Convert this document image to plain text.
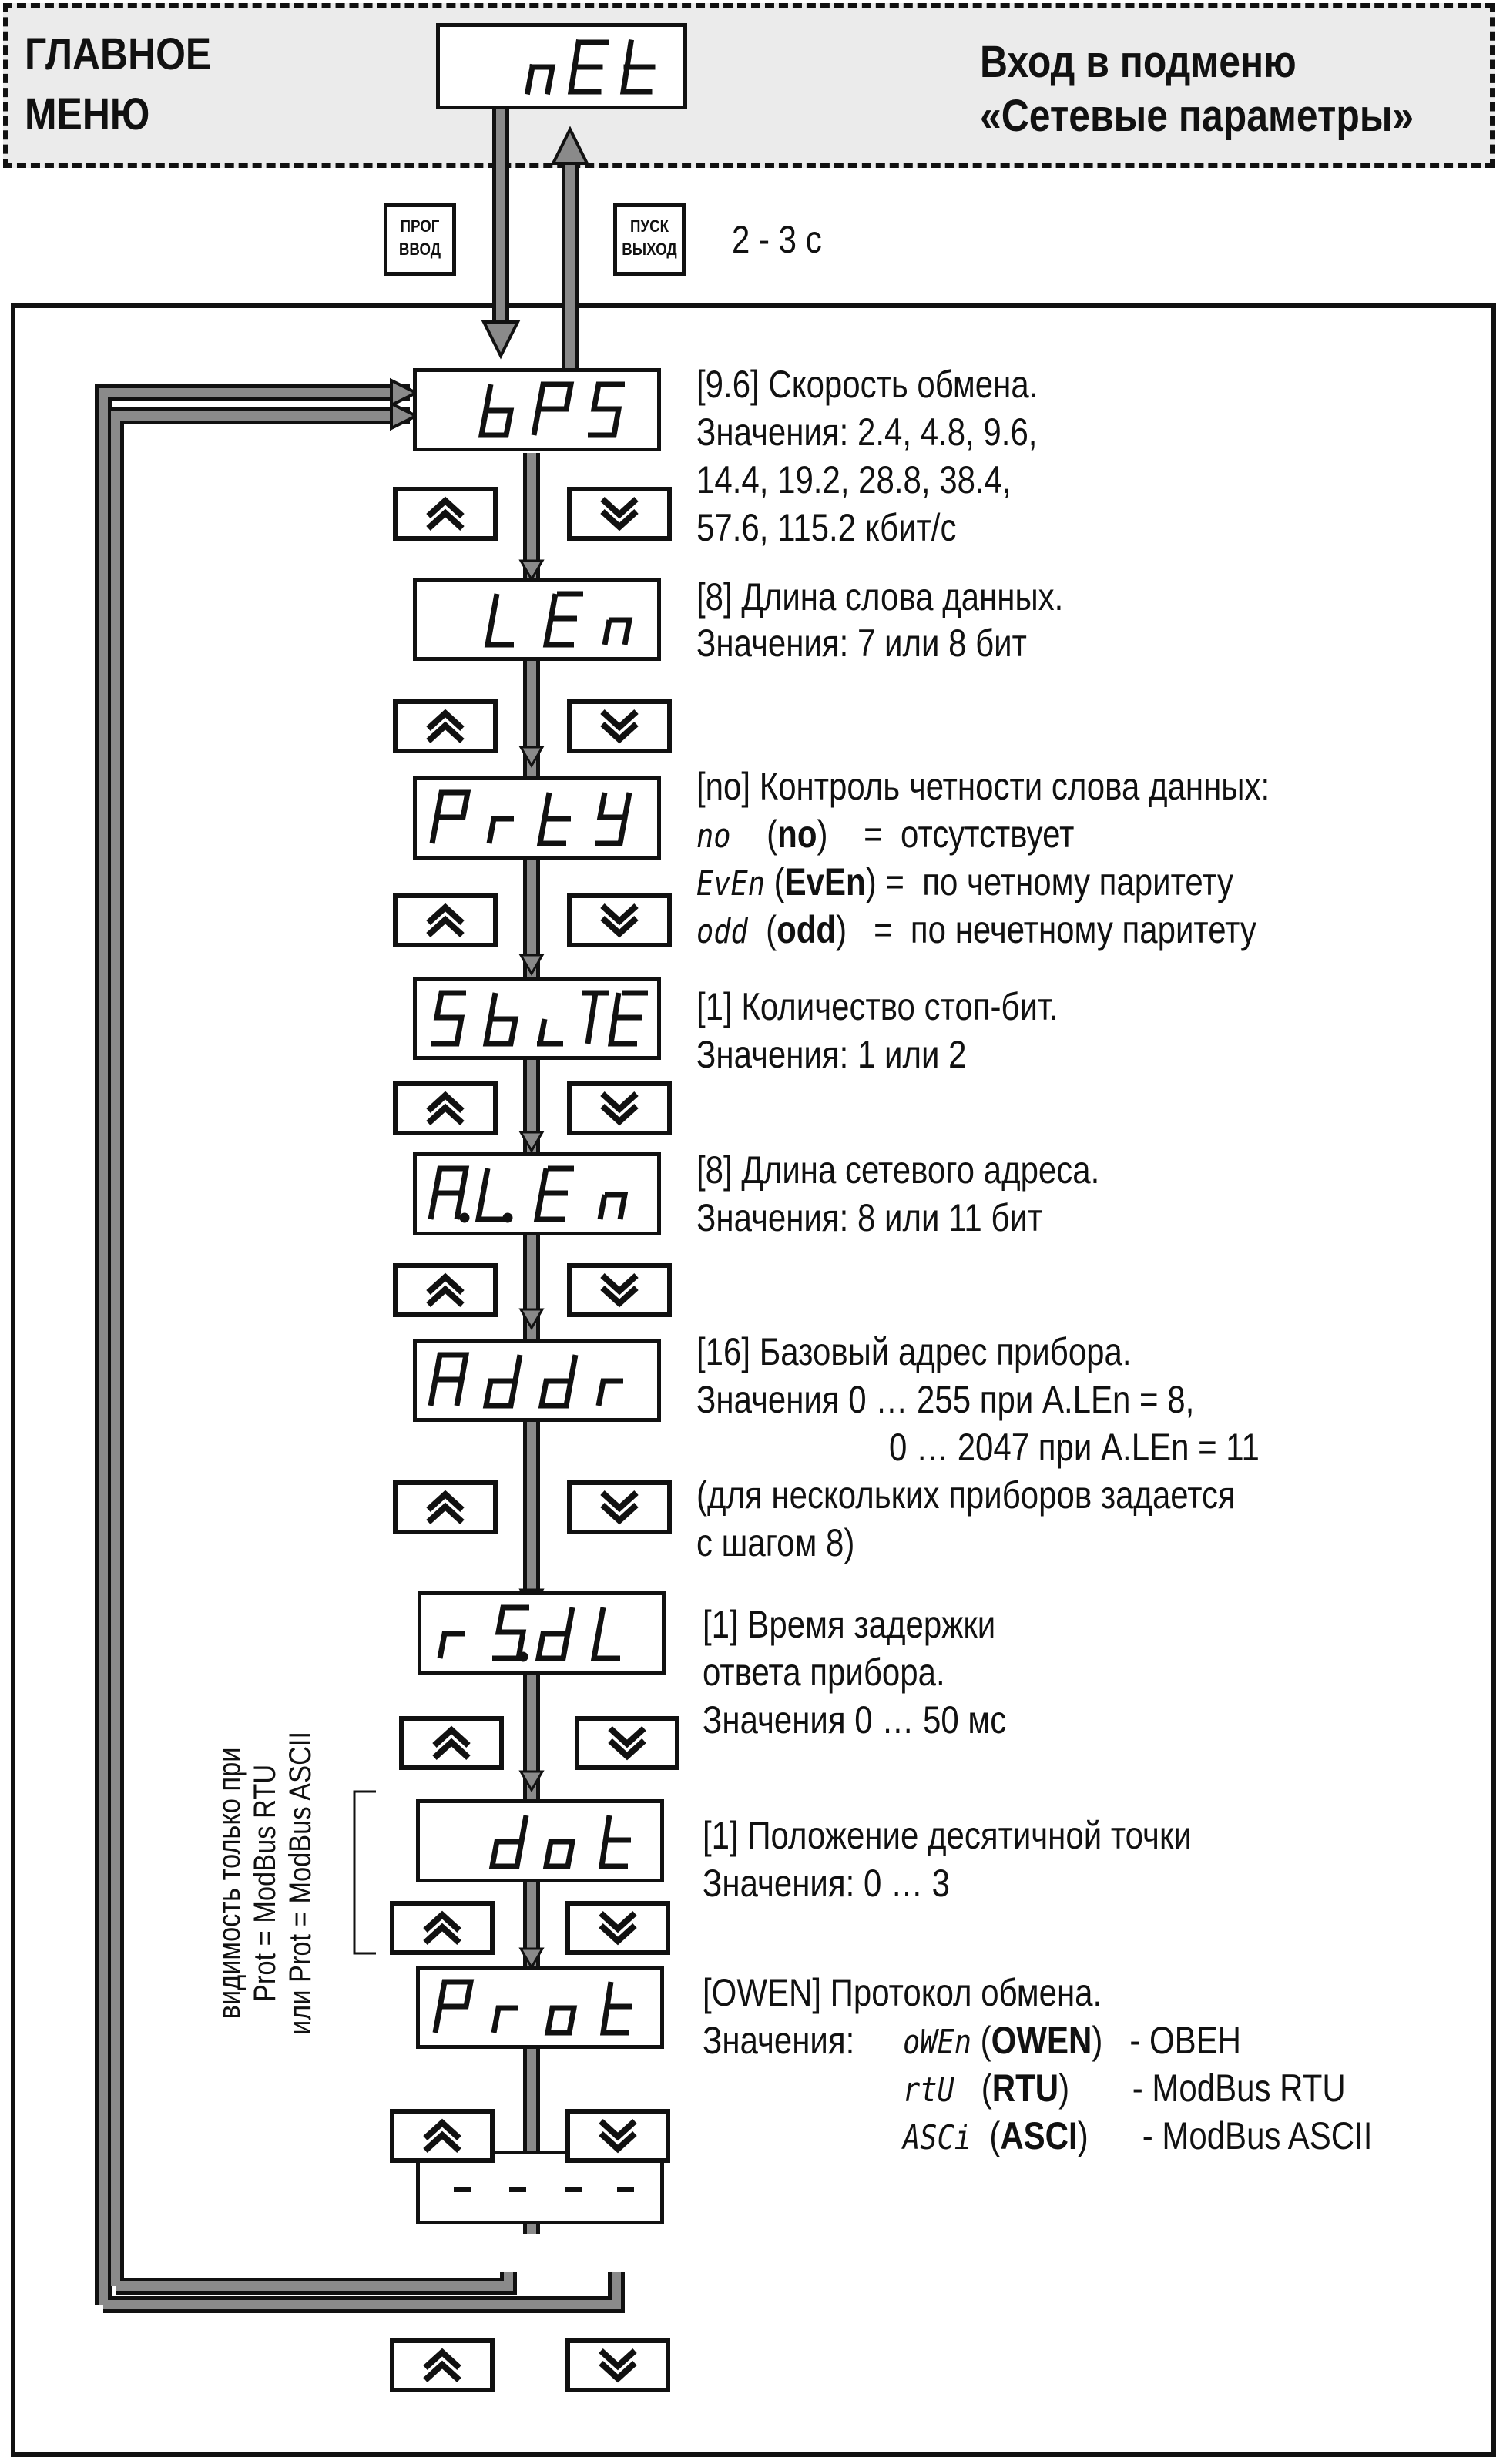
ГЛАВНОЕ
МЕНЮ
Вход в подменю
«Сетевые параметры»
ПРОГ
ВВОД
ПУСК
ВЫХОД 2 - 3 с
[9.6] Скорость обмена.
Значения: 2.4, 4.8, 9.6,
14.4, 19.2, 28.8, 38.4,
57.6, 115.2 кбит/с
[8] Длина слова данных.
Значения: 7 или 8 бит
[no] Контроль четности слова данных:
no    (no)    =  отсутствует
EvEn (EvEn) =  по четному паритету
odd  (odd)   =  по нечетному паритету
[1] Количество стоп-бит.
Значения: 1 или 2
[8] Длина сетевого адреса.
Значения: 8 или 11 бит
[16] Базовый адрес прибора.
Значения 0 … 255 при A.LEn = 8,
0 … 2047 при A.LEn = 11
(для нескольких приборов задается
с шагом 8)
[1] Время задержки
ответа прибора.
Значения 0 … 50 мс
[1] Положение десятичной точки
Значения: 0 … 3
[OWEN] Протокол обмена.
Значения: oWEn (OWEN)   - ОВЕН
rtU   (RTU)       - ModBus RTU
ASCi  (ASCI)      - ModBus ASCII
видимость только при Prot = ModBus RTU или Prot = ModBus ASCII
